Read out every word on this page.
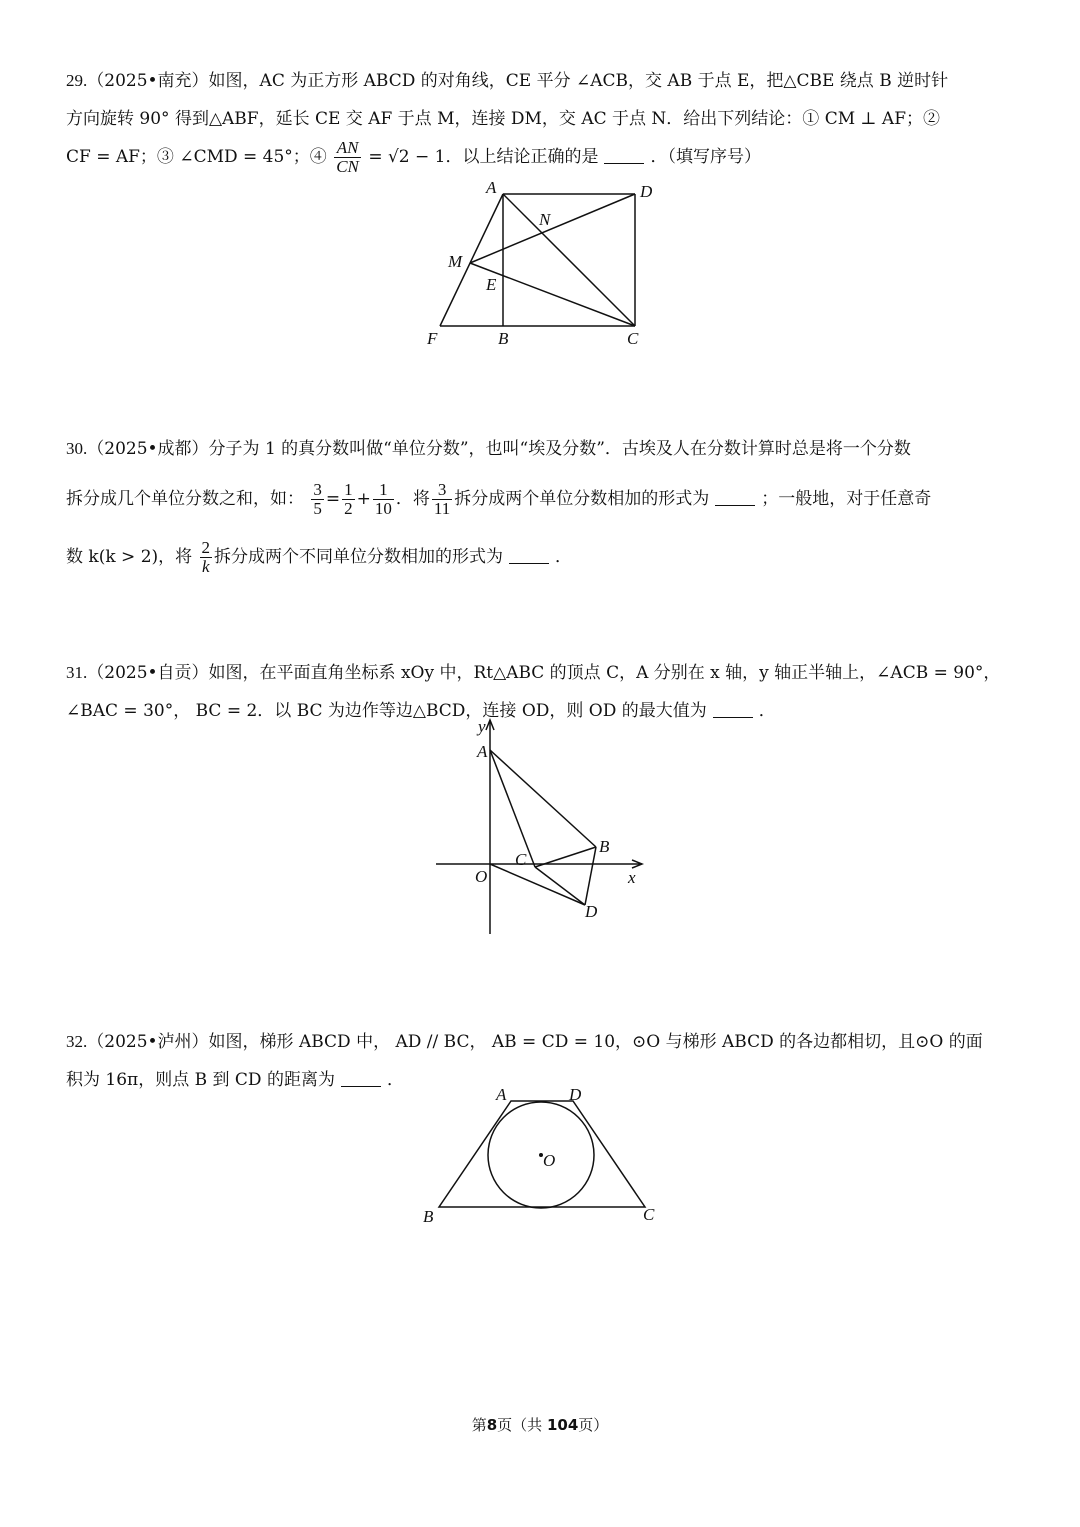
29.（2025•南充）如图，AC 为正方形 ABCD 的对角线，CE 平分 ∠ACB，交 AB 于点 E，把△CBE 绕点 B 逆时针

方向旋转 90° 得到△ABF，延长 CE 交 AF 于点 M，连接 DM，交 AC 于点 N．给出下列结论：① CM ⊥ AF；②

CF = AF；③ ∠CMD = 45°；④ $\frac{AN}{CN} = √2 - 1$．以上结论正确的是	．（填写序号）

A	D
N
M
E
F	B	C

30.（2025•成都）分子为 1 的真分数叫做“单位分数”，也叫“埃及分数”．古埃及人在分数计算时总是将一个分数

拆分成几个单位分数之和，如： $\frac{3}{5} = \frac{1}{2} + \frac{1}{10}$ ．将 $\frac{3}{11}$ 拆分成两个单位分数相加的形式为	；一般地，对于任意奇

数 k(k > 2)，将 $\frac{2}{k}$ 拆分成两个不同单位分数相加的形式为	．

31.（2025•自贡）如图，在平面直角坐标系 xOy 中，Rt△ABC 的顶点 C，A 分别在 x 轴，y 轴正半轴上，∠ACB = 90°，

∠BAC = 30°， BC = 2．以 BC 为边作等边△BCD，连接 OD，则 OD 的最大值为	．

y
A
B
C
O	x
D

32.（2025•泸州）如图，梯形 ABCD 中， AD // BC， AB = CD = 10，⊙O 与梯形 ABCD 的各边都相切，且⊙O 的面

积为 16π，则点 B 到 CD 的距离为	．

A	D
O
B	C
第8页（共 104页）
